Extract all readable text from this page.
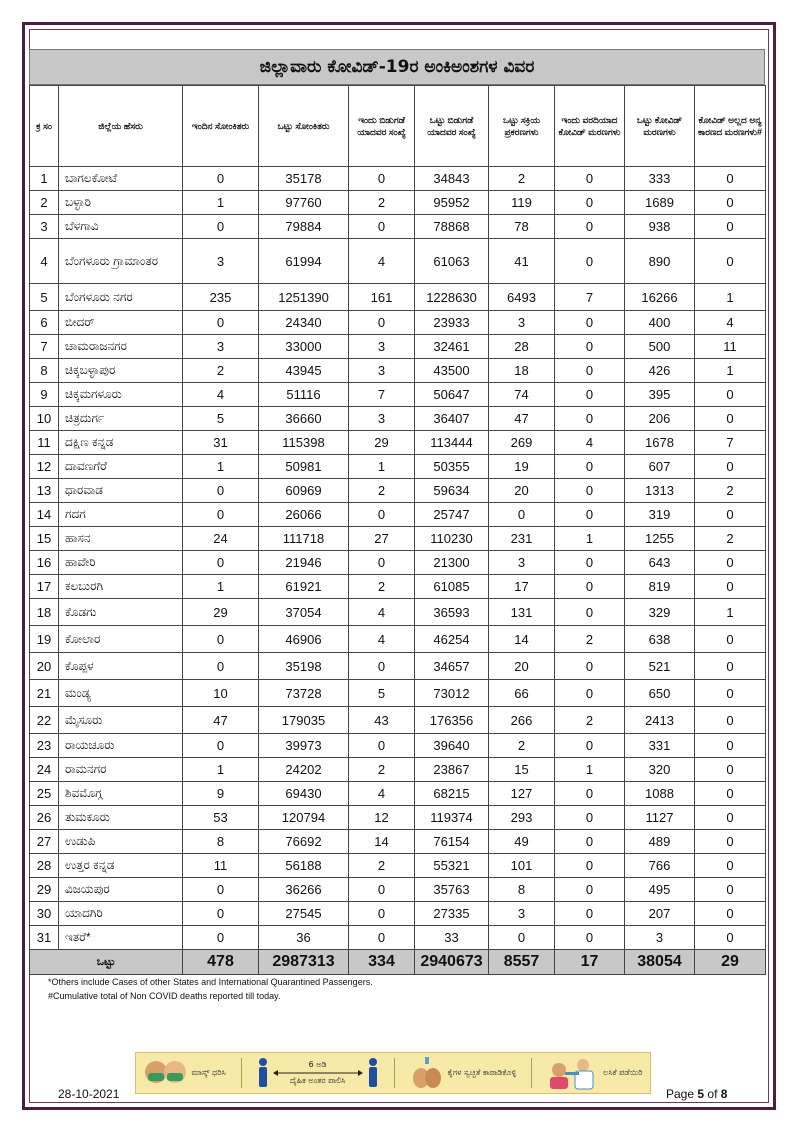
ಜಿಲ್ಲಾವಾರು ಕೋವಿಡ್-19ರ ಅಂಕಿಅಂಶಗಳ ವಿವರ
ಕ್ರ ಸಂ	ಜಿಲ್ಲೆಯ ಹೆಸರು	ಇಂದಿನ ಸೋಂಕಿತರು	ಒಟ್ಟು ಸೋಂಕಿತರು	ಇಂದು ಬಿಡುಗಡೆ ಯಾದವರ ಸಂಖ್ಯೆ	ಒಟ್ಟು ಬಿಡುಗಡೆ ಯಾದವರ ಸಂಖ್ಯೆ	ಒಟ್ಟು ಸಕ್ರಿಯ ಪ್ರಕರಣಗಳು	ಇಂದು ವರದಿಯಾದ ಕೋವಿಡ್ ಮರಣಗಳು	ಒಟ್ಟು ಕೋವಿಡ್ ಮರಣಗಳು	ಕೋವಿಡ್ ಅಲ್ಲದ ಅನ್ಯ ಕಾರಣದ ಮರಣಗಳು#
1	ಬಾಗಲಕೋಟೆ	0	35178	0	34843	2	0	333	0
2	ಬಳ್ಳಾರಿ	1	97760	2	95952	119	0	1689	0
3	ಬೆಳಗಾವಿ	0	79884	0	78868	78	0	938	0
4	ಬೆಂಗಳೂರು ಗ್ರಾಮಾಂತರ	3	61994	4	61063	41	0	890	0
5	ಬೆಂಗಳೂರು ನಗರ	235	1251390	161	1228630	6493	7	16266	1
6	ಬೀದರ್	0	24340	0	23933	3	0	400	4
7	ಚಾಮರಾಜನಗರ	3	33000	3	32461	28	0	500	11
8	ಚಿಕ್ಕಬಳ್ಳಾಪುರ	2	43945	3	43500	18	0	426	1
9	ಚಿಕ್ಕಮಗಳೂರು	4	51116	7	50647	74	0	395	0
10	ಚಿತ್ರದುರ್ಗ	5	36660	3	36407	47	0	206	0
11	ದಕ್ಷಿಣ ಕನ್ನಡ	31	115398	29	113444	269	4	1678	7
12	ದಾವಣಗೆರೆ	1	50981	1	50355	19	0	607	0
13	ಧಾರವಾಡ	0	60969	2	59634	20	0	1313	2
14	ಗದಗ	0	26066	0	25747	0	0	319	0
15	ಹಾಸನ	24	111718	27	110230	231	1	1255	2
16	ಹಾವೇರಿ	0	21946	0	21300	3	0	643	0
17	ಕಲಬುರಗಿ	1	61921	2	61085	17	0	819	0
18	ಕೊಡಗು	29	37054	4	36593	131	0	329	1
19	ಕೋಲಾರ	0	46906	4	46254	14	2	638	0
20	ಕೊಪ್ಪಳ	0	35198	0	34657	20	0	521	0
21	ಮಂಡ್ಯ	10	73728	5	73012	66	0	650	0
22	ಮೈಸೂರು	47	179035	43	176356	266	2	2413	0
23	ರಾಯಚೂರು	0	39973	0	39640	2	0	331	0
24	ರಾಮನಗರ	1	24202	2	23867	15	1	320	0
25	ಶಿವಮೊಗ್ಗ	9	69430	4	68215	127	0	1088	0
26	ತುಮಕೂರು	53	120794	12	119374	293	0	1127	0
27	ಉಡುಪಿ	8	76692	14	76154	49	0	489	0
28	ಉತ್ತರ ಕನ್ನಡ	11	56188	2	55321	101	0	766	0
29	ವಿಜಯಪುರ	0	36266	0	35763	8	0	495	0
30	ಯಾದಗಿರಿ	0	27545	0	27335	3	0	207	0
31	ಇತರೆ*	0	36	0	33	0	0	3	0
ಒಟ್ಟು		478	2987313	334	2940673	8557	17	38054	29
*Others include Cases of other States and International Quarantined Passengers.
#Cumulative total of Non COVID deaths reported till today.
ಮಾಸ್ಕ್ ಧರಿಸಿ
6 ಅಡಿ
ದೈಹಿಕ ಅಂತರ ಪಾಲಿಸಿ
ಕೈಗಳ ಸ್ವಚ್ಛತೆ ಕಾಪಾಡಿಕೊಳ್ಳಿ	ಲಸಿಕೆ ಪಡೆಯಿರಿ
28-10-2021	Page 5 of 8
